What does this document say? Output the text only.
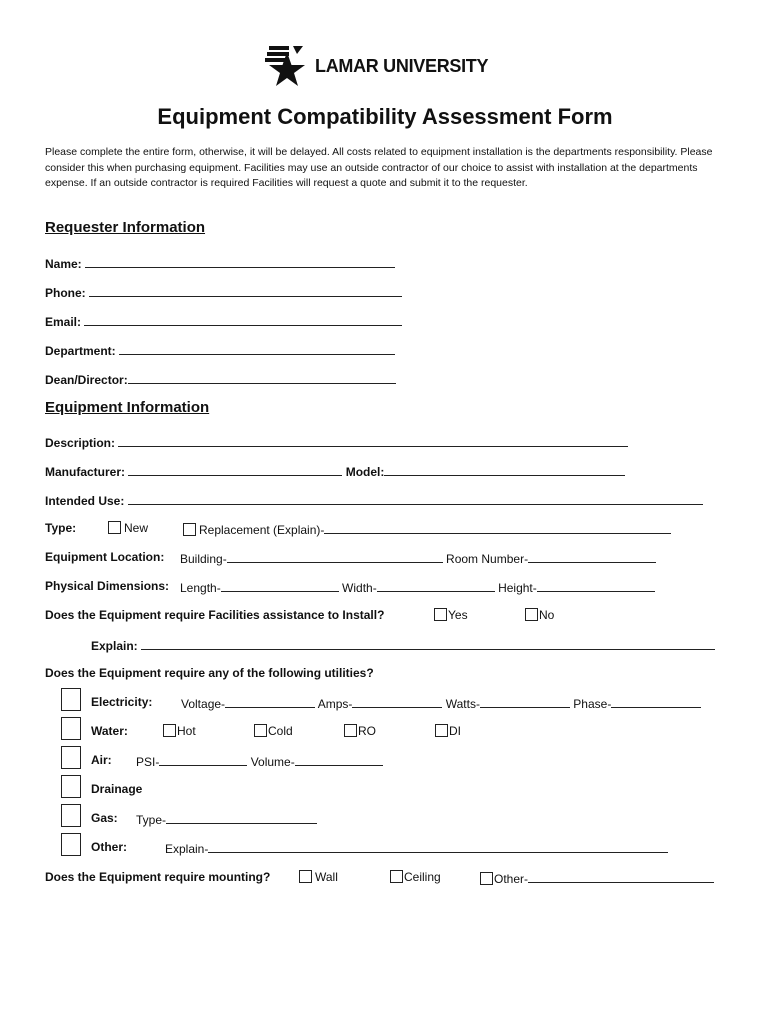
LAMAR UNIVERSITY
Equipment Compatibility Assessment Form
Please complete the entire form, otherwise, it will be delayed. All costs related to equipment installation is the departments responsibility. Please consider this when purchasing equipment. Facilities may use an outside contractor of our choice to assist with installation at the departments expense. If an outside contractor is required Facilities will request a quote and submit it to the requester.
Requester Information
Name:
Phone:
Email:
Department:
Dean/Director:
Equipment Information
Description:
Manufacturer:	Model:
Intended Use:
Type:	New	Replacement (Explain)-
Equipment Location: Building-	Room Number-
Physical Dimensions: Length-	Width-	Height-
Does the Equipment require Facilities assistance to Install?	Yes	No
Explain:
Does the Equipment require any of the following utilities?
Electricity: Voltage-	Amps-	Watts-	Phase-
Water:	Hot	Cold	RO	DI
Air: PSI-	Volume-
Drainage
Gas: Type-
Other:	Explain-
Does the Equipment require mounting?	Wall	Ceiling	Other-
